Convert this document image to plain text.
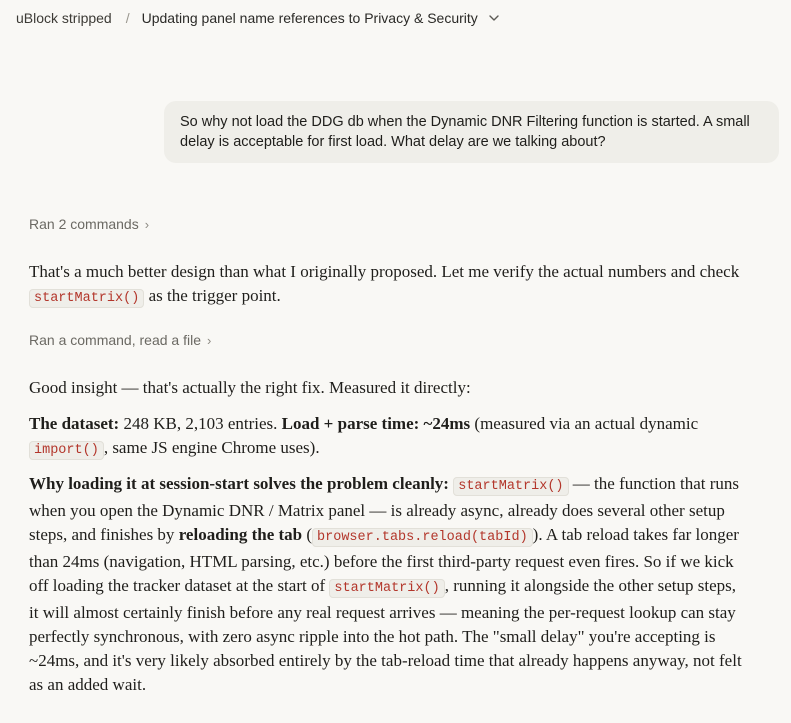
uBlock stripped / Updating panel name references to Privacy & Security
So why not load the DDG db when the Dynamic DNR Filtering function is started. A small delay is acceptable for first load. What delay are we talking about?
Ran 2 commands ›

That's a much better design than what I originally proposed. Let me verify the actual numbers and check startMatrix() as the trigger point.

Ran a command, read a file ›

Good insight — that's actually the right fix. Measured it directly:

The dataset: 248 KB, 2,103 entries. Load + parse time: ~24ms (measured via an actual dynamic import() , same JS engine Chrome uses).

Why loading it at session-start solves the problem cleanly: startMatrix() — the function that runs when you open the Dynamic DNR / Matrix panel — is already async, already does several other setup steps, and finishes by reloading the tab ( browser.tabs.reload(tabId) ). A tab reload takes far longer than 24ms (navigation, HTML parsing, etc.) before the first third-party request even fires. So if we kick off loading the tracker dataset at the start of startMatrix() , running it alongside the other setup steps, it will almost certainly finish before any real request arrives — meaning the per-request lookup can stay perfectly synchronous, with zero async ripple into the hot path. The "small delay" you're accepting is ~24ms, and it's very likely absorbed entirely by the tab-reload time that already happens anyway, not felt as an added wait.
